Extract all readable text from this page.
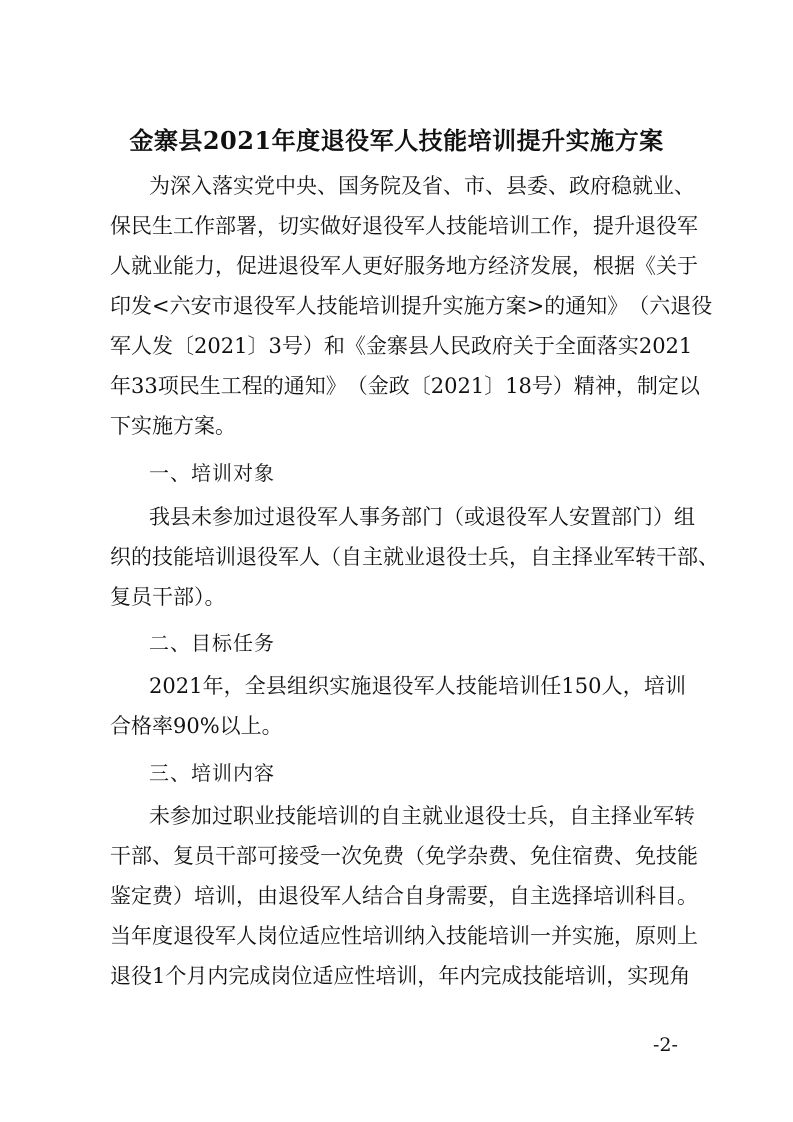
金寨县2021年度退役军人技能培训提升实施方案
为 深 入 落 实 党 中 央 、 国 务 院 及 省 、 市 、 县 委 、 政 府 稳 就 业 、
保 民 生 工 作 部 署 ， 切 实 做 好 退 役 军 人 技 能 培 训 工 作 ， 提 升 退 役 军
人 就 业 能 力 ， 促 进 退 役 军 人 更 好 服 务 地 方 经 济 发 展 ， 根 据 《 关 于
印 发 < 六 安 市 退 役 军 人 技 能 培 训 提 升 实 施 方 案 > 的 通 知 》 （ 六 退 役
军 人 发 〔 2021 〕 3 号 ） 和 《 金 寨 县 人 民 政 府 关 于 全 面 落 实 2021
年 33 项 民 生 工 程 的 通 知 》 （ 金 政 〔 2021 〕 18 号 ） 精 神 ， 制 定 以
下实施方案。
一、培训对象
我 县 未 参 加 过 退 役 军 人 事 务 部 门 （ 或 退 役 军 人 安 置 部 门 ） 组
织 的 技 能 培 训 退 役 军 人 （ 自 主 就 业 退 役 士 兵 ， 自 主 择 业 军 转 干 部 、
复员干部）。
二、目标任务
2021 年 ， 全 县 组 织 实 施 退 役 军 人 技 能 培 训 任 150 人 ， 培 训
合格率90%以上。
三、培训内容
未 参 加 过 职 业 技 能 培 训 的 自 主 就 业 退 役 士 兵 ， 自 主 择 业 军 转
干 部 、 复 员 干 部 可 接 受 一 次 免 费 （ 免 学 杂 费 、 免 住 宿 费 、 免 技 能
鉴 定 费 ） 培 训 ， 由 退 役 军 人 结 合 自 身 需 要 ， 自 主 选 择 培 训 科 目 。
当 年 度 退 役 军 人 岗 位 适 应 性 培 训 纳 入 技 能 培 训 一 并 实 施 ， 原 则 上
退 役 1 个 月 内 完 成 岗 位 适 应 性 培 训 ， 年 内 完 成 技 能 培 训 ， 实 现 角
-2-
